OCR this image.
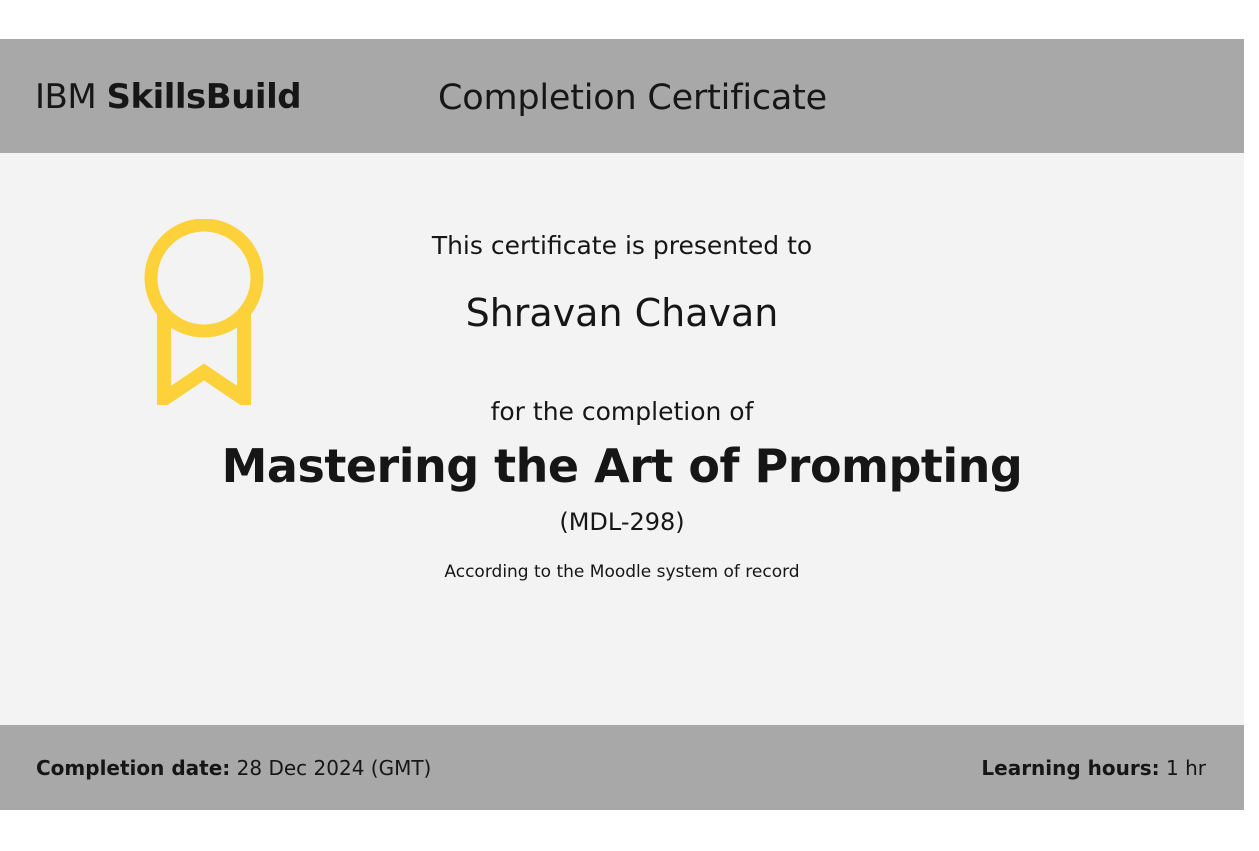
IBM SkillsBuild	Completion Certificate
This certificate is presented to
Shravan Chavan
for the completion of
Mastering the Art of Prompting
(MDL-298)
According to the Moodle system of record
Completion date: 28 Dec 2024 (GMT)	Learning hours: 1 hr
